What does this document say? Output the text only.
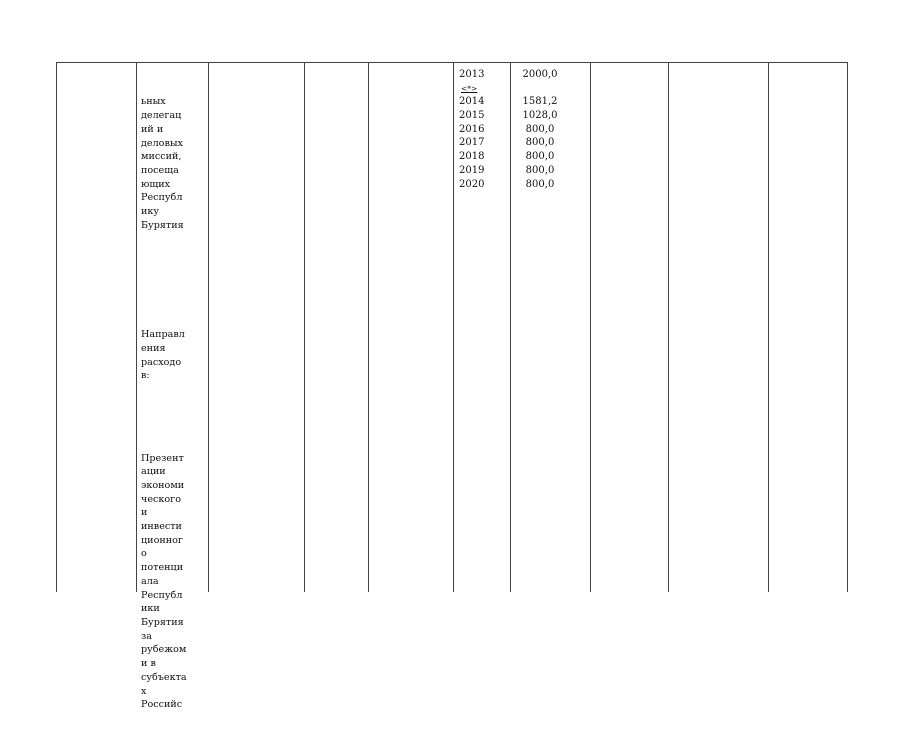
ьных
делегац
ий и
деловых
миссий,
посеща
ющих
Республ
ику
Бурятия

Направл
ения
расходо
в:

Презент
ации
экономи
ческого
и
инвести
ционног
о
потенци
ала
Республ
ики
Бурятия
за
рубежом
и в
субъекта
х
Российс

2013
<*>
2014
2015
2016
2017
2018
2019
2020
2000,0
1581,2
1028,0
800,0
800,0
800,0
800,0
800,0
